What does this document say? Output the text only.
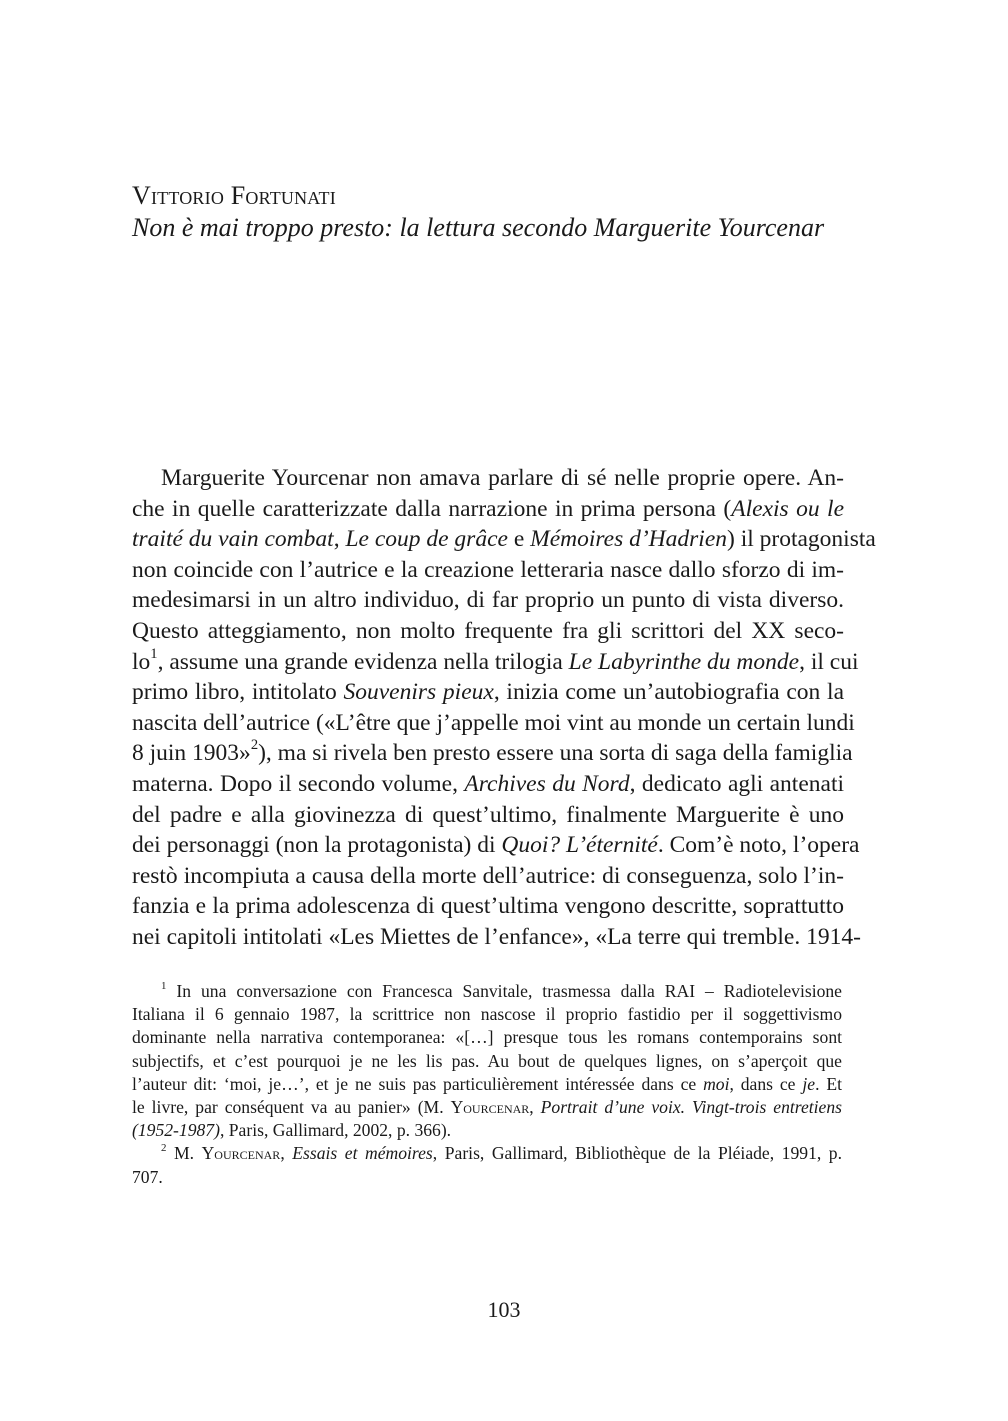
Vittorio Fortunati
Non è mai troppo presto: la lettura secondo Marguerite Yourcenar
Marguerite Yourcenar non amava parlare di sé nelle proprie opere. An-
che in quelle caratterizzate dalla narrazione in prima persona (Alexis ou le
traité du vain combat, Le coup de grâce e Mémoires d’Hadrien) il protagonista
non coincide con l’autrice e la creazione letteraria nasce dallo sforzo di im-
medesimarsi in un altro individuo, di far proprio un punto di vista diverso.
Questo atteggiamento, non molto frequente fra gli scrittori del XX seco-
$lo^1$, assume una grande evidenza nella trilogia Le Labyrinthe du monde, il cui
primo libro, intitolato Souvenirs pieux, inizia come un’autobiografia con la
nascita dell’autrice («L’être que j’appelle moi vint au monde un certain lundi
8 juin 1903»$^2$), ma si rivela ben presto essere una sorta di saga della famiglia
materna. Dopo il secondo volume, Archives du Nord, dedicato agli antenati
del padre e alla giovinezza di quest’ultimo, finalmente Marguerite è uno
dei personaggi (non la protagonista) di Quoi? L’éternité. Com’è noto, l’opera
restò incompiuta a causa della morte dell’autrice: di conseguenza, solo l’in-
fanzia e la prima adolescenza di quest’ultima vengono descritte, soprattutto
nei capitoli intitolati «Les Miettes de l’enfance», «La terre qui tremble. 1914-
$^1$ In una conversazione con Francesca Sanvitale, trasmessa dalla RAI – Radiotelevisione
Italiana il 6 gennaio 1987, la scrittrice non nascose il proprio fastidio per il soggettivismo
dominante nella narrativa contemporanea: «[…] presque tous les romans contemporains sont
subjectifs, et c’est pourquoi je ne les lis pas. Au bout de quelques lignes, on s’aperçoit que
l’auteur dit: ‘moi, je…’, et je ne suis pas particulièrement intéressée dans ce moi, dans ce je. Et
le livre, par conséquent va au panier» (M. Yourcenar, Portrait d’une voix. Vingt-trois entretiens
(1952-1987), Paris, Gallimard, 2002, p. 366).
$^2$ M. Yourcenar, Essais et mémoires, Paris, Gallimard, Bibliothèque de la Pléiade, 1991, p.
707.
103
